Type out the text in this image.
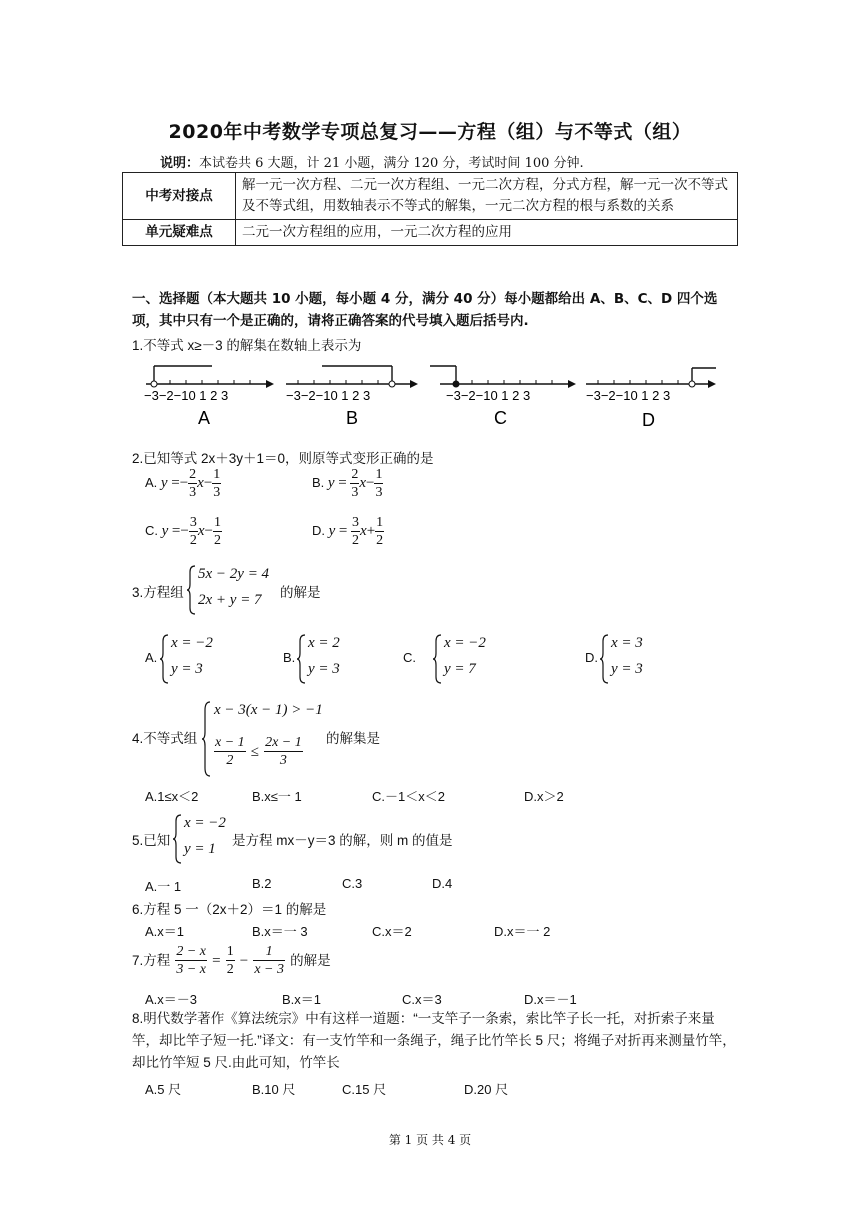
2020年中考数学专项总复习——方程（组）与不等式（组）
说明：本试卷共 6 大题，计 21 小题，满分 120 分，考试时间 100 分钟.
中考对接点	解一元一次方程、二元一次方程组、一元二次方程，分式方程，解一元一次不等式及不等式组，用数轴表示不等式的解集，一元二次方程的根与系数的关系
单元疑难点	二元一次方程组的应用，一元二次方程的应用
一、选择题（本大题共 10 小题，每小题 4 分，满分 40 分）每小题都给出 A、B、C、D 四个选项，其中只有一个是正确的，请将正确答案的代号填入题后括号内.
1.不等式 x≥－3 的解集在数轴上表示为
−3−2−10 1 2 3
A
−3−2−10 1 2 3
B
−3−2−10 1 2 3
C
−3−2−10 1 2 3
D
2.已知等式 2x＋3y＋1＝0，则原等式变形正确的是
A. $y =- \frac{2}{3} x- \frac{1}{3}$	B. $y = \frac{2}{3} x- \frac{1}{3}$
C. $y =- \frac{3}{2} x- \frac{1}{2}$	D. $y = \frac{3}{2} x+ \frac{1}{2}$
3.方程组
5x − 2y = 4
2x + y = 7 的解是
A.
x = −2
y = 3
B.
x = 2
y = 3
C.
x = −2
y = 7
D.
x = 3
y = 3
4.不等式组
x − 3(x − 1) > −1
$\frac{x - 1}{2} \le \frac{2x - 1}{3}$ 的解集是
A.1≤x＜2	B.x≤一 1	C.－1＜x＜2	D.x＞2
5.已知
x = −2
y = 1
是方程 mx－y＝3 的解，则 m 的值是
A.一 1	B.2	C.3	D.4
6.方程 5 一（2x＋2）＝1 的解是
A.x＝1	B.x＝一 3	C.x＝2	D.x＝一 2
7.方程 $\frac{2 - x}{3 - x} = \frac{1}{2} - \frac{1}{x - 3}$ 的解是
A.x＝－3	B.x＝1	C.x＝3	D.x＝－1
8.明代数学著作《算法统宗》中有这样一道题：“一支竿子一条索，索比竿子长一托，对折索子来量竿，却比竿子短一托.”译文：有一支竹竿和一条绳子，绳子比竹竿长 5 尺；将绳子对折再来测量竹竿，却比竹竿短 5 尺.由此可知，竹竿长
A.5 尺	B.10 尺	C.15 尺	D.20 尺
第 1 页 共 4 页
